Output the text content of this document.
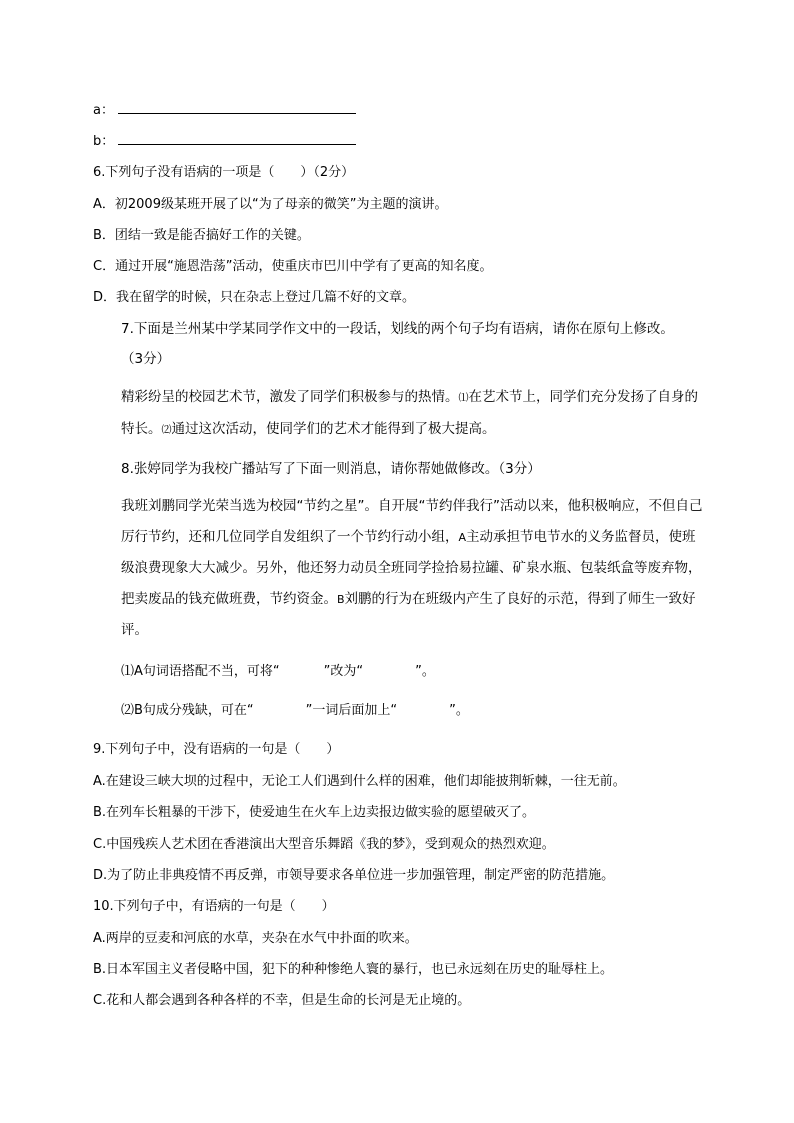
a：
b：
6.下列句子没有语病的一项是（　　）（2分）
A．初2009级某班开展了以“为了母亲的微笑”为主题的演讲。
B．团结一致是能否搞好工作的关键。
C．通过开展“施恩浩荡”活动，使重庆市巴川中学有了更高的知名度。
D．我在留学的时候，只在杂志上登过几篇不好的文章。
7.下面是兰州某中学某同学作文中的一段话，划线的两个句子均有语病，请你在原句上修改。
（3分）
精彩纷呈的校园艺术节，激发了同学们积极参与的热情。⑴在艺术节上，同学们充分发扬了自身的特长。⑵通过这次活动，使同学们的艺术才能得到了极大提高。
8.张婷同学为我校广播站写了下面一则消息，请你帮她做修改。（3分）
我班刘鹏同学光荣当选为校园“节约之星”。自开展“节约伴我行”活动以来，他积极响应，不但自己厉行节约，还和几位同学自发组织了一个节约行动小组，A主动承担节电节水的义务监督员，使班级浪费现象大大减少。另外，他还努力动员全班同学捡拾易拉罐、矿泉水瓶、包装纸盒等废弃物，把卖废品的钱充做班费，节约资金。B刘鹏的行为在班级内产生了良好的示范，得到了师生一致好评。
⑴A句词语搭配不当，可将“	”改为“	”。
⑵B句成分残缺，可在“	”一词后面加上“	”。
9.下列句子中，没有语病的一句是（　　）
A.在建设三峡大坝的过程中，无论工人们遇到什么样的困难，他们却能披荆斩棘，一往无前。
B.在列车长粗暴的干涉下，使爱迪生在火车上边卖报边做实验的愿望破灭了。
C.中国残疾人艺术团在香港演出大型音乐舞蹈《我的梦》，受到观众的热烈欢迎。
D.为了防止非典疫情不再反弹，市领导要求各单位进一步加强管理，制定严密的防范措施。
10.下列句子中，有语病的一句是（　　）
A.两岸的豆麦和河底的水草，夹杂在水气中扑面的吹来。
B.日本军国主义者侵略中国，犯下的种种惨绝人寰的暴行，也已永远刻在历史的耻辱柱上。
C.花和人都会遇到各种各样的不幸，但是生命的长河是无止境的。
